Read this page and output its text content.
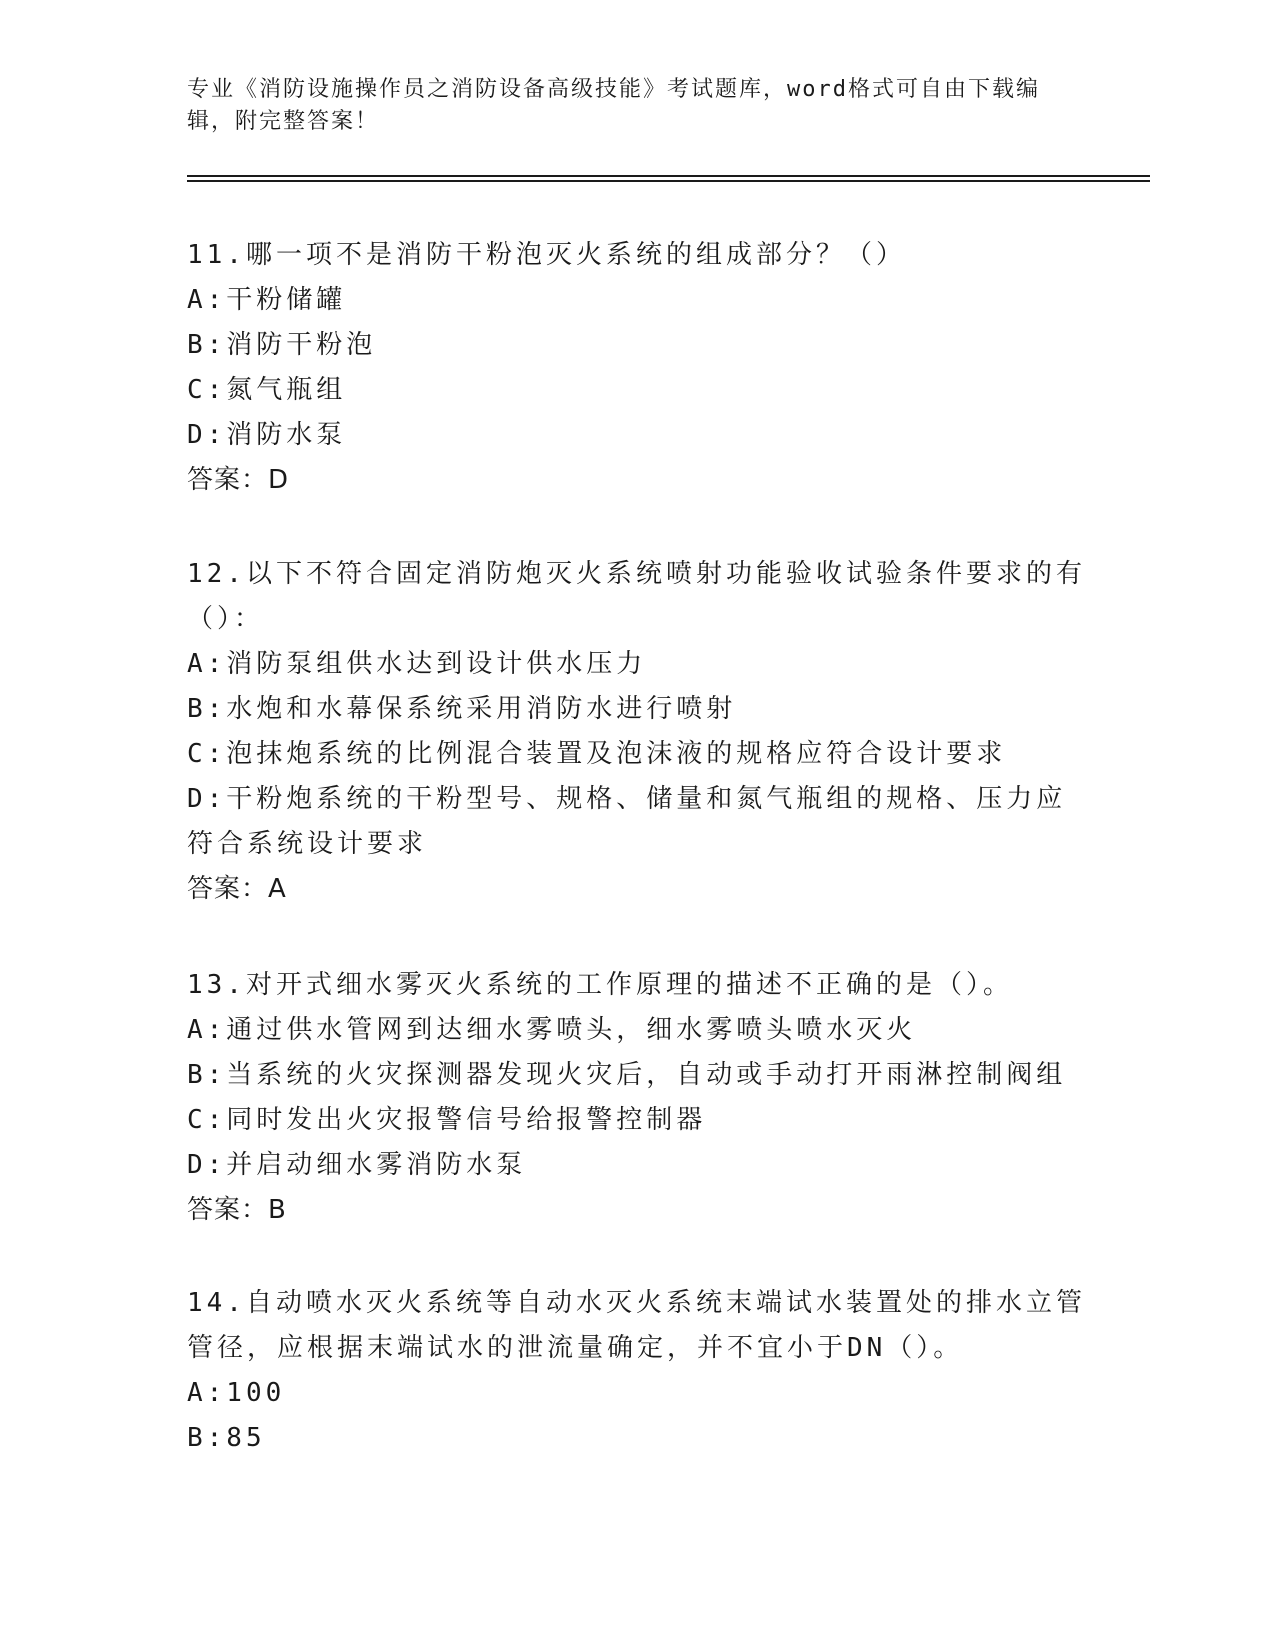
专业《消防设施操作员之消防设备高级技能》考试题库，word格式可自由下载编辑，附完整答案！

11.哪一项不是消防干粉泡灭火系统的组成部分？（）

A:干粉储罐

B:消防干粉泡

C:氮气瓶组

D:消防水泵

答案：D

12.以下不符合固定消防炮灭火系统喷射功能验收试验条件要求的有（）：

A:消防泵组供水达到设计供水压力

B:水炮和水幕保系统采用消防水进行喷射

C:泡抹炮系统的比例混合装置及泡沫液的规格应符合设计要求

D:干粉炮系统的干粉型号、规格、储量和氮气瓶组的规格、压力应符合系统设计要求

答案：A

13.对开式细水雾灭火系统的工作原理的描述不正确的是（）。

A:通过供水管网到达细水雾喷头，细水雾喷头喷水灭火

B:当系统的火灾探测器发现火灾后，自动或手动打开雨淋控制阀组

C:同时发出火灾报警信号给报警控制器

D:并启动细水雾消防水泵

答案：B

14.自动喷水灭火系统等自动水灭火系统末端试水装置处的排水立管管径，应根据末端试水的泄流量确定，并不宜小于DN（）。

A:100

B:85
